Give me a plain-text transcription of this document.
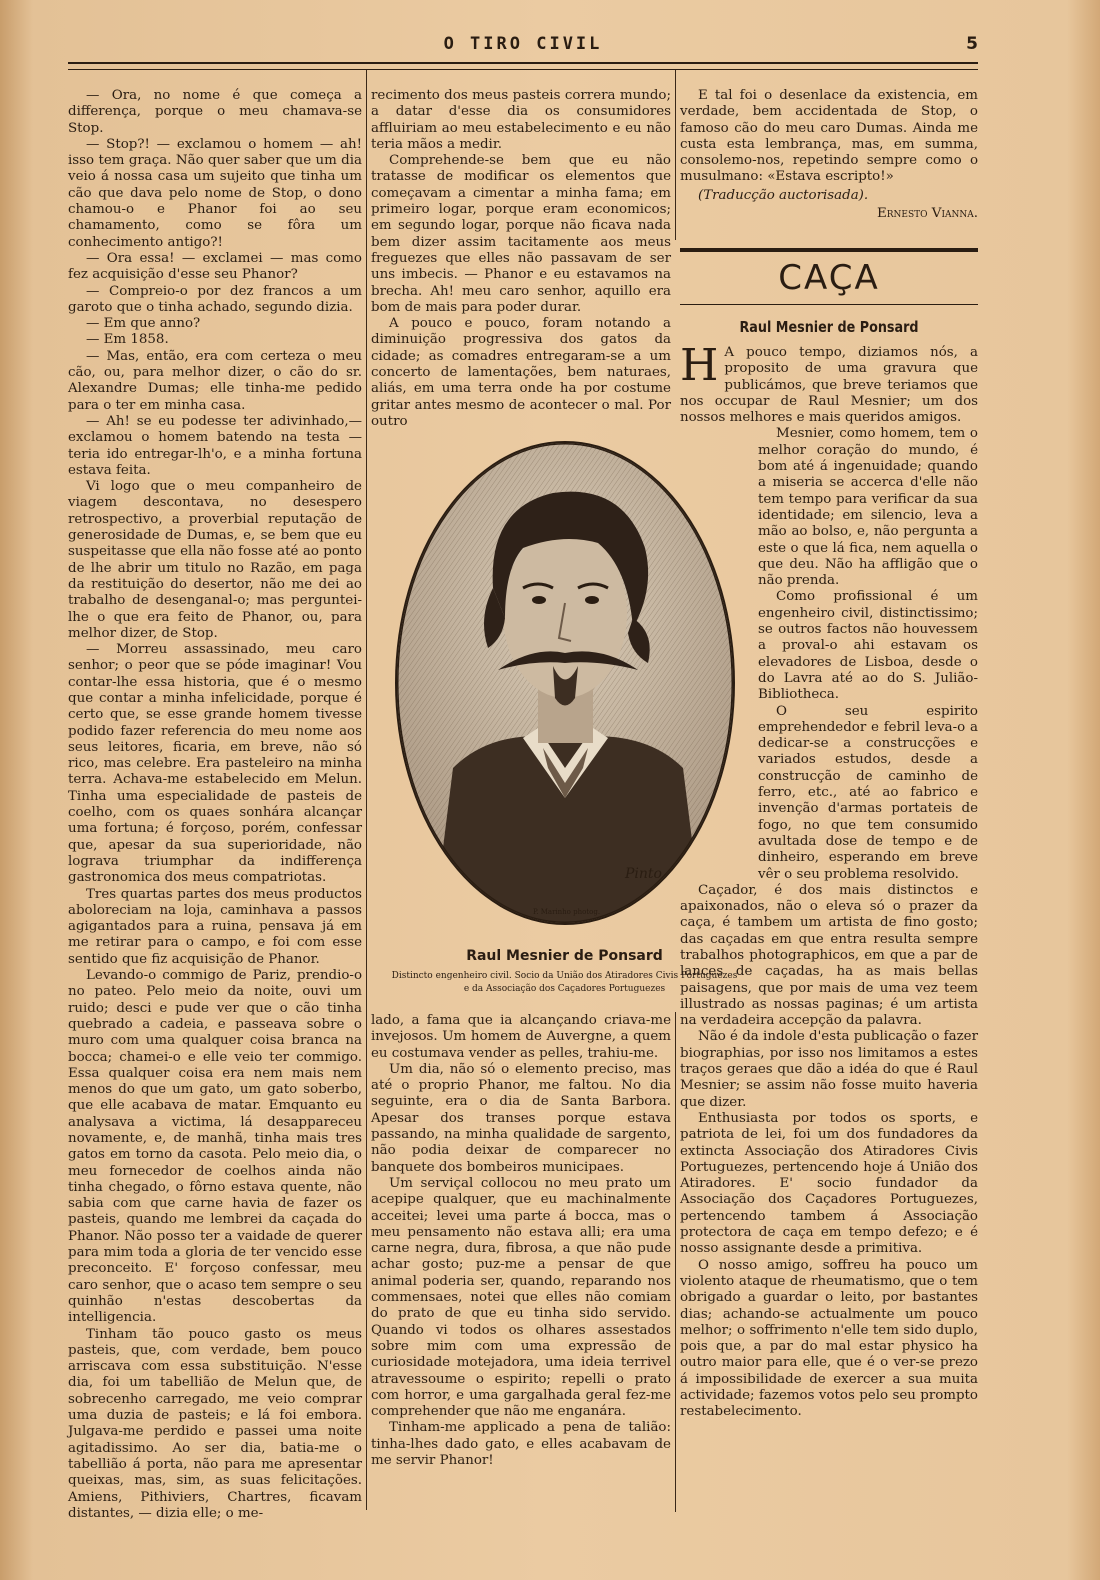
O TIRO CIVIL	5

— Ora, no nome é que começa a differença, porque o meu chamava-se Stop.

— Stop?! — exclamou o homem — ah! isso tem graça. Não quer saber que um dia veio á nossa casa um sujeito que tinha um cão que dava pelo nome de Stop, o dono chamou-o e Phanor foi ao seu chamamento, como se fôra um conhecimento antigo?!

— Ora essa! — exclamei — mas como fez acquisição d'esse seu Phanor?

— Compreio-o por dez francos a um garoto que o tinha achado, segundo dizia.

— Em que anno?

— Em 1858.

— Mas, então, era com certeza o meu cão, ou, para melhor dizer, o cão do sr. Alexandre Dumas; elle tinha-me pedido para o ter em minha casa.

— Ah! se eu podesse ter adivinhado,— exclamou o homem batendo na testa — teria ido entregar-lh'o, e a minha fortuna estava feita.

Vi logo que o meu companheiro de viagem descontava, no desespero retrospectivo, a proverbial reputação de generosidade de Dumas, e, se bem que eu suspeitasse que ella não fosse até ao ponto de lhe abrir um titulo no Razão, em paga da restituição do desertor, não me dei ao trabalho de desenganal-o; mas perguntei-lhe o que era feito de Phanor, ou, para melhor dizer, de Stop.

— Morreu assassinado, meu caro senhor; o peor que se póde imaginar! Vou contar-lhe essa historia, que é o mesmo que contar a minha infelicidade, porque é certo que, se esse grande homem tivesse podido fazer referencia do meu nome aos seus leitores, ficaria, em breve, não só rico, mas celebre. Era pasteleiro na minha terra. Achava-me estabelecido em Melun. Tinha uma especialidade de pasteis de coelho, com os quaes sonhára alcançar uma fortuna; é forçoso, porém, confessar que, apesar da sua superioridade, não lograva triumphar da indifferença gastronomica dos meus compatriotas.

Tres quartas partes dos meus productos aboloreciam na loja, caminhava a passos agigantados para a ruina, pensava já em me retirar para o campo, e foi com esse sentido que fiz acquisição de Phanor.

Levando-o commigo de Pariz, prendio-o no pateo. Pelo meio da noite, ouvi um ruido; desci e pude ver que o cão tinha quebrado a cadeia, e passeava sobre o muro com uma qualquer coisa branca na bocca; chamei-o e elle veio ter commigo. Essa qualquer coisa era nem mais nem menos do que um gato, um gato soberbo, que elle acabava de matar. Emquanto eu analysava a victima, lá desappareceu novamente, e, de manhã, tinha mais tres gatos em torno da casota. Pelo meio dia, o meu fornecedor de coelhos ainda não tinha chegado, o fôrno estava quente, não sabia com que carne havia de fazer os pasteis, quando me lembrei da caçada do Phanor. Não posso ter a vaidade de querer para mim toda a gloria de ter vencido esse preconceito. E' forçoso confessar, meu caro senhor, que o acaso tem sempre o seu quinhão n'estas descobertas da intelligencia.

Tinham tão pouco gasto os meus pasteis, que, com verdade, bem pouco arriscava com essa substituição. N'esse dia, foi um tabellião de Melun que, de sobrecenho carregado, me veio comprar uma duzia de pasteis; e lá foi embora. Julgava-me perdido e passei uma noite agitadissimo. Ao ser dia, batia-me o tabellião á porta, não para me apresentar queixas, mas, sim, as suas felicitações. Amiens, Pithiviers, Chartres, ficavam distantes, — dizia elle; o me-

recimento dos meus pasteis correra mundo; a datar d'esse dia os consumidores affluiriam ao meu estabelecimento e eu não teria mãos a medir.

Comprehende-se bem que eu não tratasse de modificar os elementos que começavam a cimentar a minha fama; em primeiro logar, porque eram economicos; em segundo logar, porque não ficava nada bem dizer assim tacitamente aos meus freguezes que elles não passavam de ser uns imbecis. — Phanor e eu estavamos na brecha. Ah! meu caro senhor, aquillo era bom de mais para poder durar.

A pouco e pouco, foram notando a diminuição progressiva dos gatos da cidade; as comadres entregaram-se a um concerto de lamentações, bem naturaes, aliás, em uma terra onde ha por costume gritar antes mesmo de acontecer o mal. Por outro

Pinto
P. Marinho photog.
Raul Mesnier de Ponsard
Distincto engenheiro civil. Socio da União dos Atiradores Civis Portuguezes
e da Associação dos Caçadores Portuguezes

lado, a fama que ia alcançando criava-me invejosos. Um homem de Auvergne, a quem eu costumava vender as pelles, trahiu-me.

Um dia, não só o elemento preciso, mas até o proprio Phanor, me faltou. No dia seguinte, era o dia de Santa Barbora. Apesar dos transes porque estava passando, na minha qualidade de sargento, não podia deixar de comparecer no banquete dos bombeiros municipaes.

Um serviçal collocou no meu prato um acepipe qualquer, que eu machinalmente acceitei; levei uma parte á bocca, mas o meu pensamento não estava alli; era uma carne negra, dura, fibrosa, a que não pude achar gosto; puz-me a pensar de que animal poderia ser, quando, reparando nos commensaes, notei que elles não comiam do prato de que eu tinha sido servido. Quando vi todos os olhares assestados sobre mim com uma expressão de curiosidade motejadora, uma ideia terrivel atravessoume o espirito; repelli o prato com horror, e uma gargalhada geral fez-me comprehender que não me enganára.

Tinham-me applicado a pena de talião: tinha-lhes dado gato, e elles acabavam de me servir Phanor!

E tal foi o desenlace da existencia, em verdade, bem accidentada de Stop, o famoso cão do meu caro Dumas. Ainda me custa esta lembrança, mas, em summa, consolemo-nos, repetindo sempre como o musulmano: «Estava escripto!»

(Traducção auctorisada).

Ernesto Vianna.

CAÇA
Raul Mesnier de Ponsard

H A pouco tempo, diziamos nós, a proposito de uma gravura que publicámos, que breve teriamos que nos occupar de Raul Mesnier; um dos nossos melhores e mais queridos amigos.

Mesnier, como homem, tem o melhor coração do mundo, é bom até á ingenuidade; quando a miseria se accerca d'elle não tem tempo para verificar da sua identidade; em silencio, leva a mão ao bolso, e, não pergunta a este o que lá fica, nem aquella o que deu. Não ha affligão que o não prenda.

Como profissional é um engenheiro civil, distinctissimo; se outros factos não houvessem a proval-o ahi estavam os elevadores de Lisboa, desde o do Lavra até ao do S. Julião-Bibliotheca.

O seu espirito emprehendedor e febril leva-o a dedicar-se a construcções e variados estudos, desde a construcção de caminho de ferro, etc., até ao fabrico e invenção d'armas portateis de fogo, no que tem consumido avultada dose de tempo e de dinheiro, esperando em breve vêr o seu problema resolvido.

Caçador, é dos mais distinctos e apaixonados, não o eleva só o prazer da caça, é tambem um artista de fino gosto; das caçadas em que entra resulta sempre trabalhos photographicos, em que a par de lances de caçadas, ha as mais bellas paisagens, que por mais de uma vez teem illustrado as nossas paginas; é um artista na verdadeira accepção da palavra.

Não é da indole d'esta publicação o fazer biographias, por isso nos limitamos a estes traços geraes que dão a idéa do que é Raul Mesnier; se assim não fosse muito haveria que dizer.

Enthusiasta por todos os sports, e patriota de lei, foi um dos fundadores da extincta Associação dos Atiradores Civis Portuguezes, pertencendo hoje á União dos Atiradores. E' socio fundador da Associação dos Caçadores Portuguezes, pertencendo tambem á Associação protectora de caça em tempo defezo; e é nosso assignante desde a primitiva.

O nosso amigo, soffreu ha pouco um violento ataque de rheumatismo, que o tem obrigado a guardar o leito, por bastantes dias; achando-se actualmente um pouco melhor; o soffrimento n'elle tem sido duplo, pois que, a par do mal estar physico ha outro maior para elle, que é o ver-se prezo á impossibilidade de exercer a sua muita actividade; fazemos votos pelo seu prompto restabelecimento.
